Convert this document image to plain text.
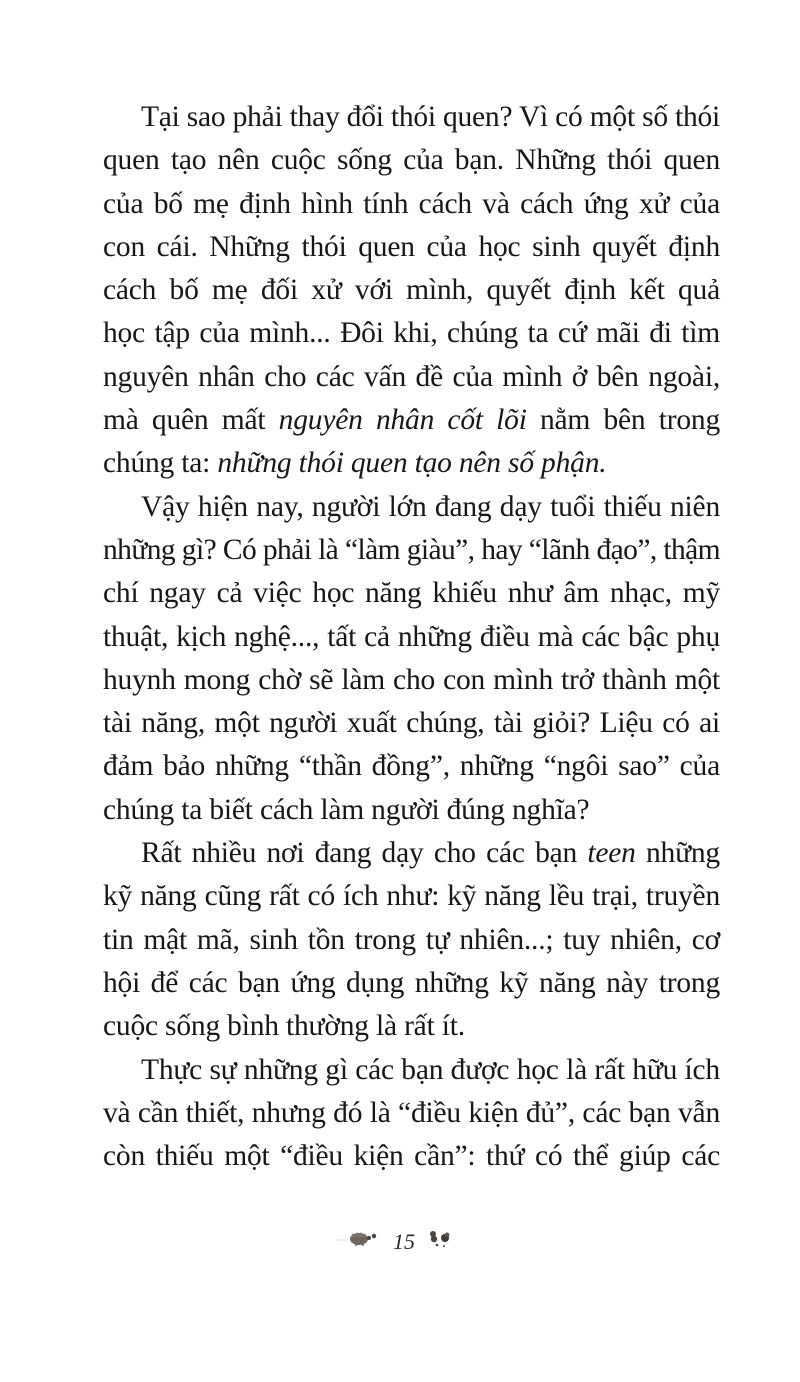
Tại sao phải thay đổi thói quen? Vì có một số thói
quen tạo nên cuộc sống của bạn. Những thói quen
của bố mẹ định hình tính cách và cách ứng xử của
con cái. Những thói quen của học sinh quyết định
cách bố mẹ đối xử với mình, quyết định kết quả
học tập của mình... Đôi khi, chúng ta cứ mãi đi tìm
nguyên nhân cho các vấn đề của mình ở bên ngoài,
mà quên mất nguyên nhân cốt lõi nằm bên trong
chúng ta: những thói quen tạo nên số phận.
Vậy hiện nay, người lớn đang dạy tuổi thiếu niên
những gì? Có phải là “làm giàu”, hay “lãnh đạo”, thậm
chí ngay cả việc học năng khiếu như âm nhạc, mỹ
thuật, kịch nghệ..., tất cả những điều mà các bậc phụ
huynh mong chờ sẽ làm cho con mình trở thành một
tài năng, một người xuất chúng, tài giỏi? Liệu có ai
đảm bảo những “thần đồng”, những “ngôi sao” của
chúng ta biết cách làm người đúng nghĩa?
Rất nhiều nơi đang dạy cho các bạn teen những
kỹ năng cũng rất có ích như: kỹ năng lều trại, truyền
tin mật mã, sinh tồn trong tự nhiên...; tuy nhiên, cơ
hội để các bạn ứng dụng những kỹ năng này trong
cuộc sống bình thường là rất ít.
Thực sự những gì các bạn được học là rất hữu ích
và cần thiết, nhưng đó là “điều kiện đủ”, các bạn vẫn
còn thiếu một “điều kiện cần”: thứ có thể giúp các
15
